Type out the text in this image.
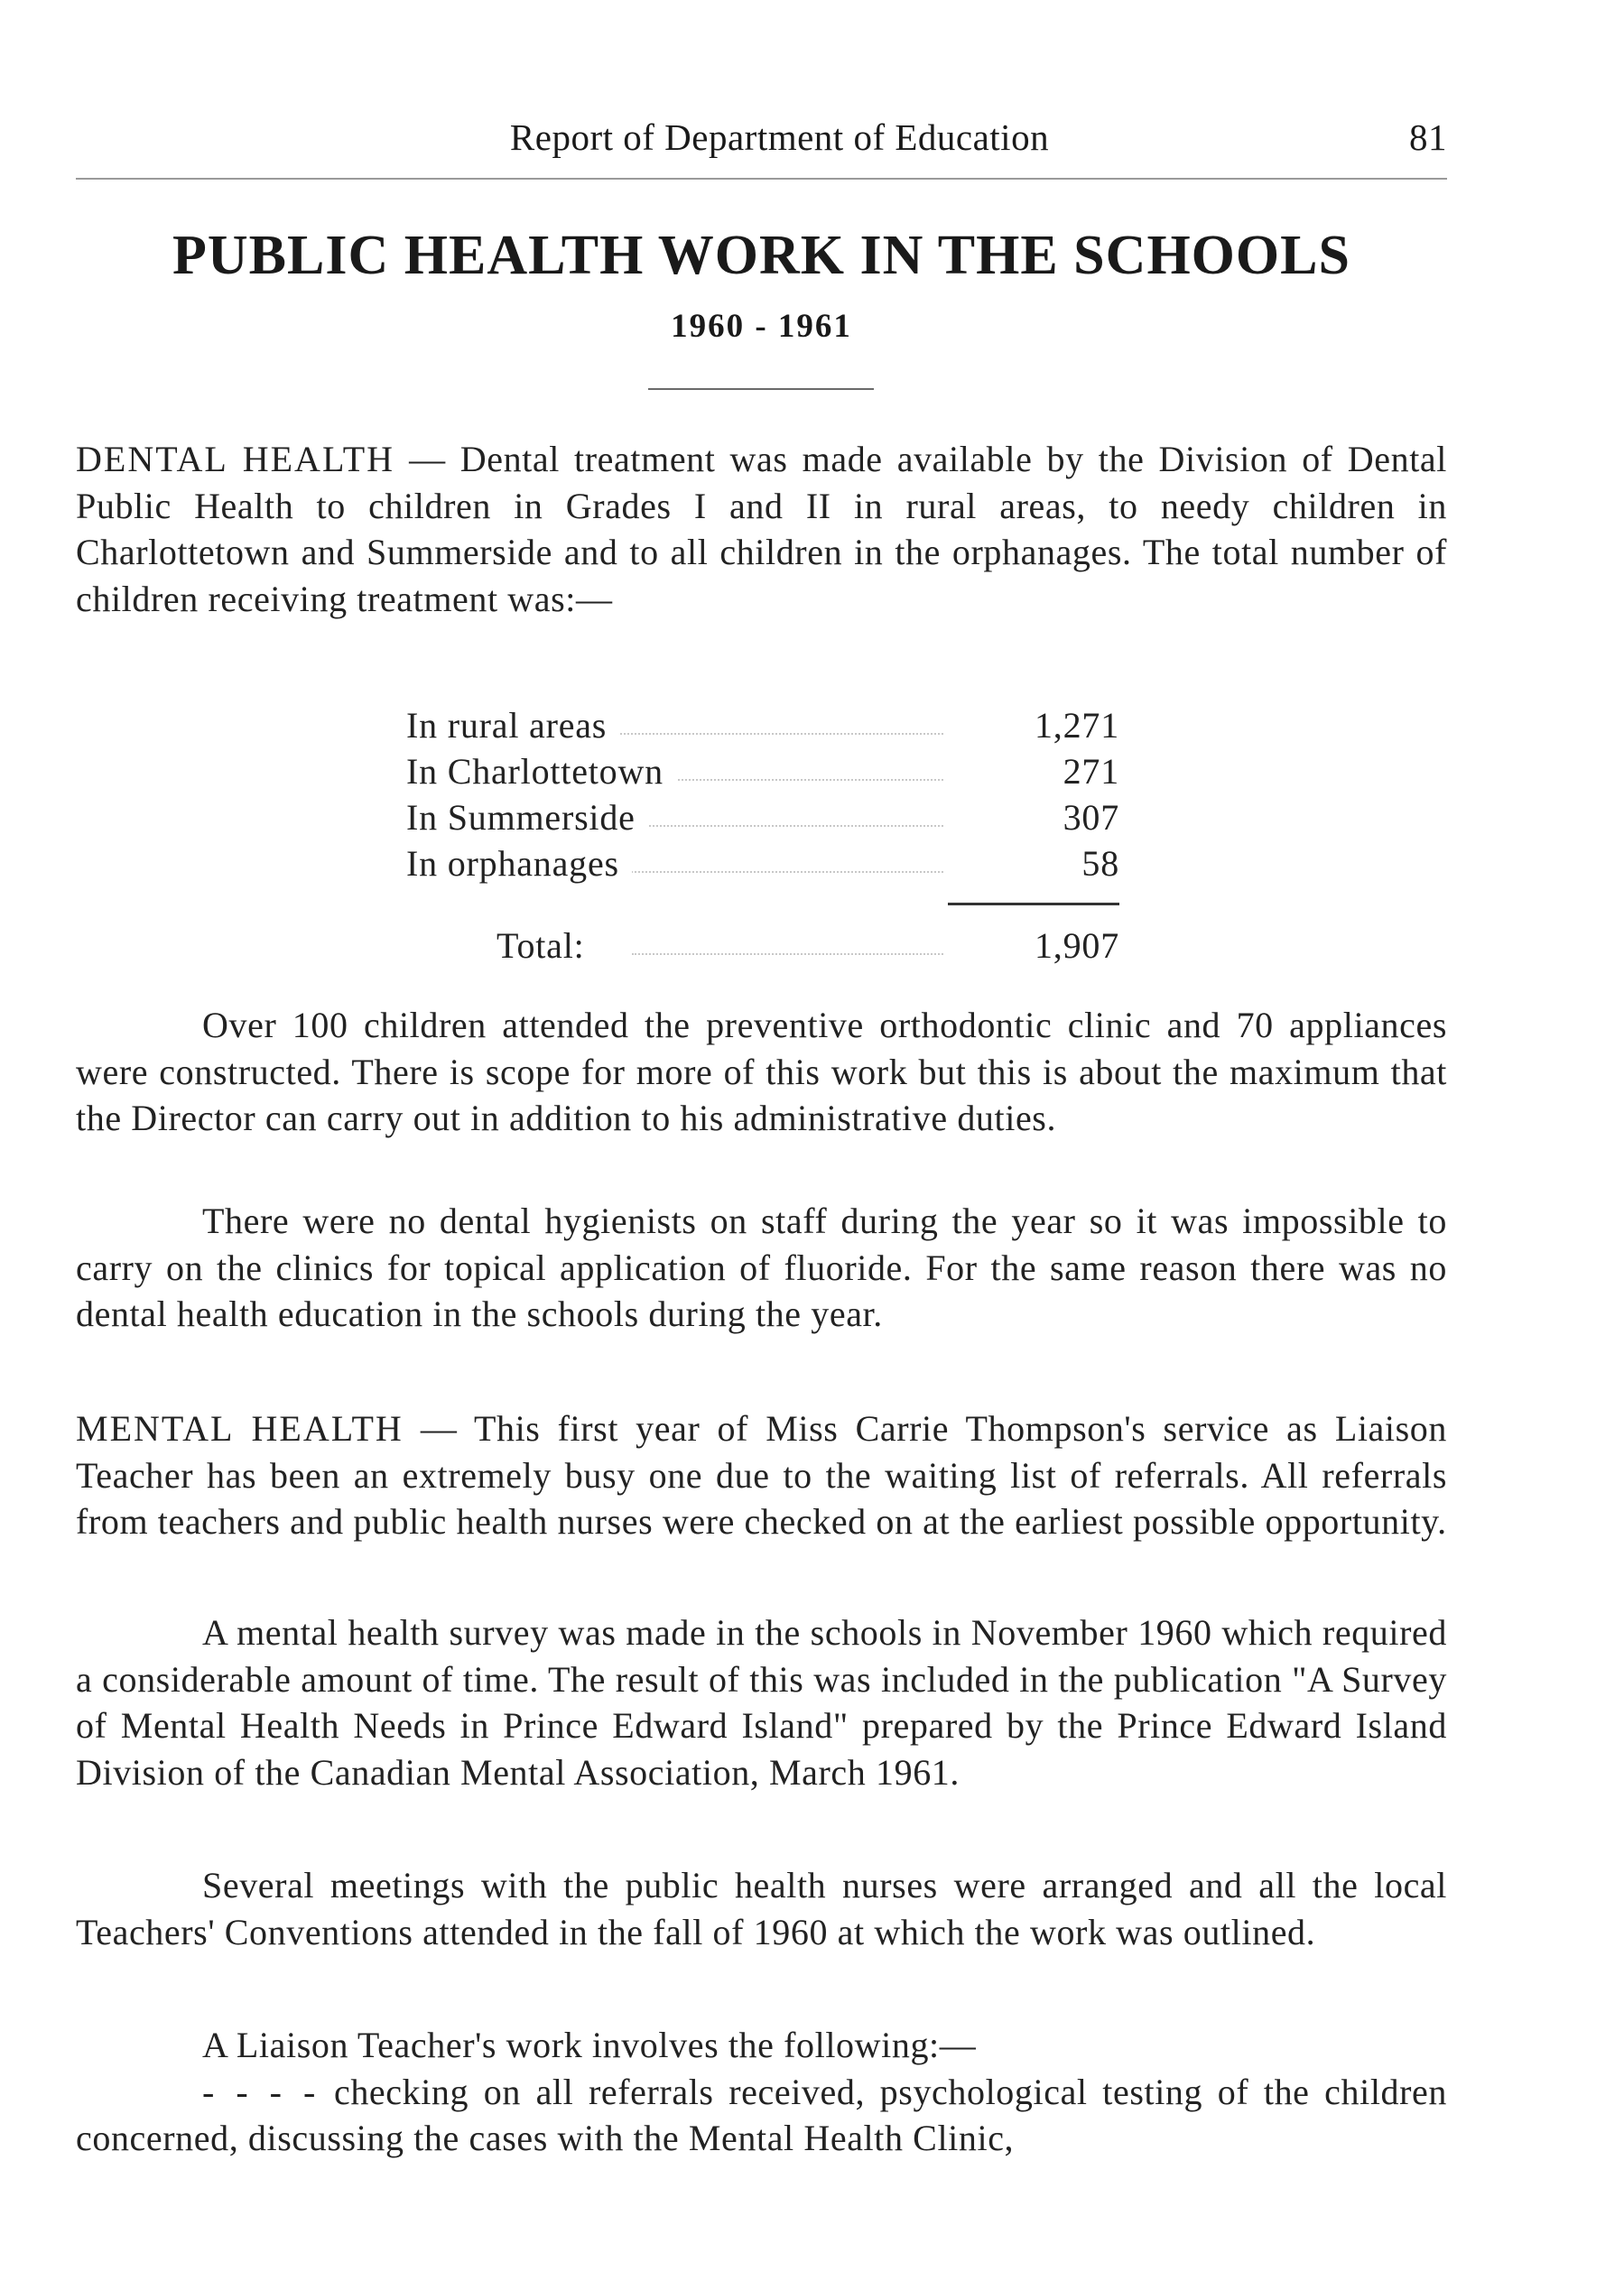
Report of Department of Education	81
PUBLIC HEALTH WORK IN THE SCHOOLS
1960 - 1961

DENTAL HEALTH — Dental treatment was made available by the Division of Dental Public Health to children in Grades I and II in rural areas, to needy children in Charlottetown and Summerside and to all children in the orphanages. The total number of children receiving treatment was:—

In rural areas	1,271
In Charlottetown	271
In Summerside	307
In orphanages	58
Total:	1,907

Over 100 children attended the preventive orthodontic clinic and 70 appliances were constructed. There is scope for more of this work but this is about the maximum that the Director can carry out in addition to his administrative duties.

There were no dental hygienists on staff during the year so it was impossible to carry on the clinics for topical application of fluoride. For the same reason there was no dental health education in the schools during the year.

MENTAL HEALTH — This first year of Miss Carrie Thompson's service as Liaison Teacher has been an extremely busy one due to the waiting list of referrals. All referrals from teachers and public health nurses were checked on at the earliest possible opportunity.

A mental health survey was made in the schools in November 1960 which required a considerable amount of time. The result of this was included in the publication "A Survey of Mental Health Needs in Prince Edward Island" prepared by the Prince Edward Island Division of the Canadian Mental Association, March 1961.

Several meetings with the public health nurses were arranged and all the local Teachers' Conventions attended in the fall of 1960 at which the work was outlined.

A Liaison Teacher's work involves the following:—

- - - - checking on all referrals received, psychological testing of the children concerned, discussing the cases with the Mental Health Clinic,
